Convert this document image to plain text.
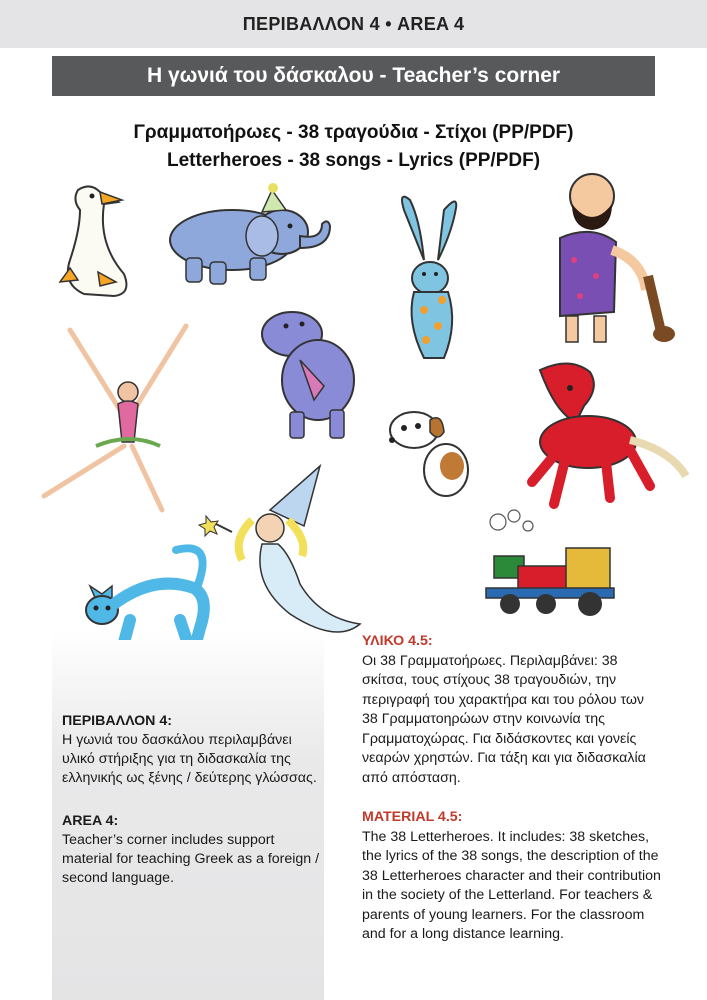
ΠΕΡΙΒΑΛΛΟΝ 4 • AREA 4
Η γωνιά του δάσκαλου - Teacher’s corner
Γραμματοήρωες - 38 τραγούδια - Στίχοι (PP/PDF)
Letterheroes - 38 songs - Lyrics (PP/PDF)
ΠΕΡΙΒΑΛΛΟΝ 4:
Η γωνιά του δασκάλου περιλαμβάνει υλικό στήριξης για τη διδασκαλία της ελληνικής ως ξένης / δεύτερης γλώσσας.
AREA 4:
Teacher’s corner includes support material for teaching Greek as a foreign / second language.
ΥΛΙΚΟ 4.5:
Οι 38 Γραμματοήρωες. Περιλαμβάνει: 38 σκίτσα, τους στίχους 38 τραγουδιών, την περιγραφή του χαρακτήρα και του ρόλου των 38 Γραμματοηρώων στην κοινωνία της Γραμματοχώρας. Για διδάσκοντες και γονείς νεαρών χρηστών. Για τάξη και για διδασκαλία από απόσταση.
MATERIAL 4.5:
The 38 Letterheroes. It includes: 38 sketches, the lyrics of the 38 songs, the description of the 38 Letterheroes character and their contribution in the society of the Letterland. For teachers & parents of young learners. For the classroom and for a long distance learning.
